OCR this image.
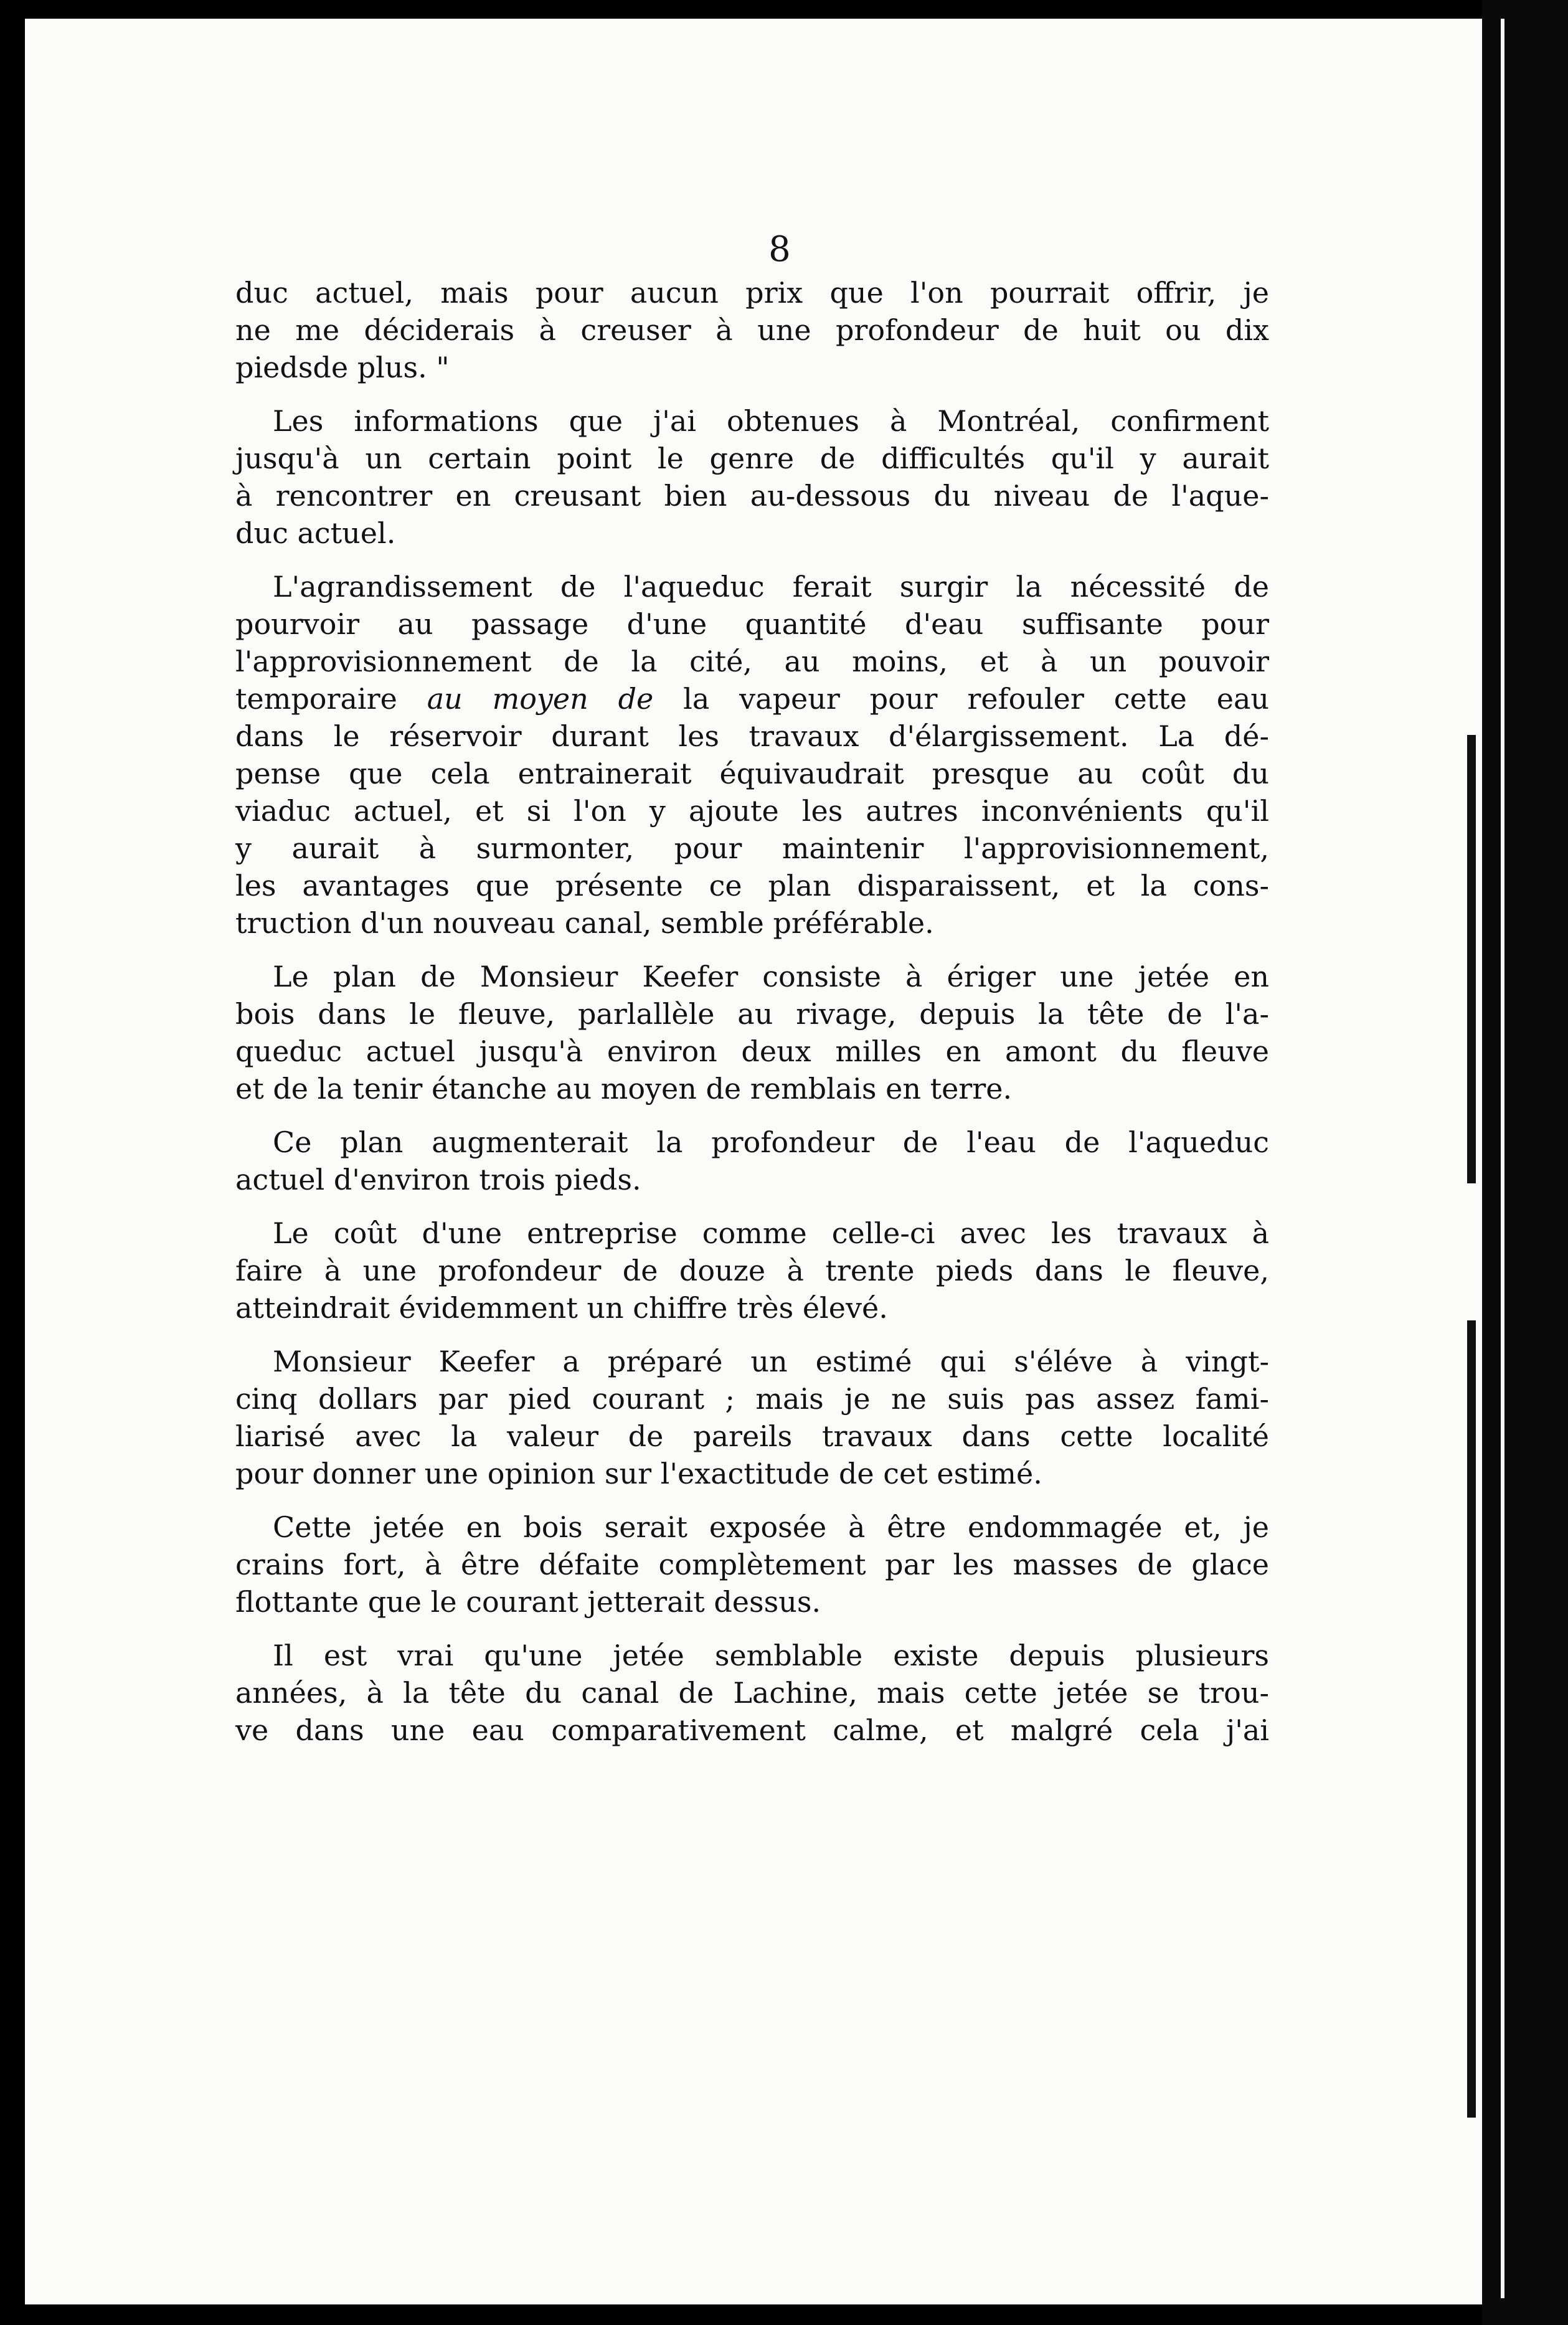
8
duc actuel, mais pour aucun prix que l'on pourrait offrir, je
ne me déciderais à creuser à une profondeur de huit ou dix
piedsde plus. "
Les informations que j'ai obtenues à Montréal, confirment
jusqu'à un certain point le genre de difficultés qu'il y aurait
à rencontrer en creusant bien au-dessous du niveau de l'aque-
duc actuel.
L'agrandissement de l'aqueduc ferait surgir la nécessité de
pourvoir au passage d'une quantité d'eau suffisante pour
l'approvisionnement de la cité, au moins, et à un pouvoir
temporaire au moyen de la vapeur pour refouler cette eau
dans le réservoir durant les travaux d'élargissement. La dé-
pense que cela entrainerait équivaudrait presque au coût du
viaduc actuel, et si l'on y ajoute les autres inconvénients qu'il
y aurait à surmonter, pour maintenir l'approvisionnement,
les avantages que présente ce plan disparaissent, et la cons-
truction d'un nouveau canal, semble préférable.
Le plan de Monsieur Keefer consiste à ériger une jetée en
bois dans le fleuve, parlallèle au rivage, depuis la tête de l'a-
queduc actuel jusqu'à environ deux milles en amont du fleuve
et de la tenir étanche au moyen de remblais en terre.
Ce plan augmenterait la profondeur de l'eau de l'aqueduc
actuel d'environ trois pieds.
Le coût d'une entreprise comme celle-ci avec les travaux à
faire à une profondeur de douze à trente pieds dans le fleuve,
atteindrait évidemment un chiffre très élevé.
Monsieur Keefer a préparé un estimé qui s'éléve à vingt-
cinq dollars par pied courant ; mais je ne suis pas assez fami-
liarisé avec la valeur de pareils travaux dans cette localité
pour donner une opinion sur l'exactitude de cet estimé.
Cette jetée en bois serait exposée à être endommagée et, je
crains fort, à être défaite complètement par les masses de glace
flottante que le courant jetterait dessus.
Il est vrai qu'une jetée semblable existe depuis plusieurs
années, à la tête du canal de Lachine, mais cette jetée se trou-
ve dans une eau comparativement calme, et malgré cela j'ai
